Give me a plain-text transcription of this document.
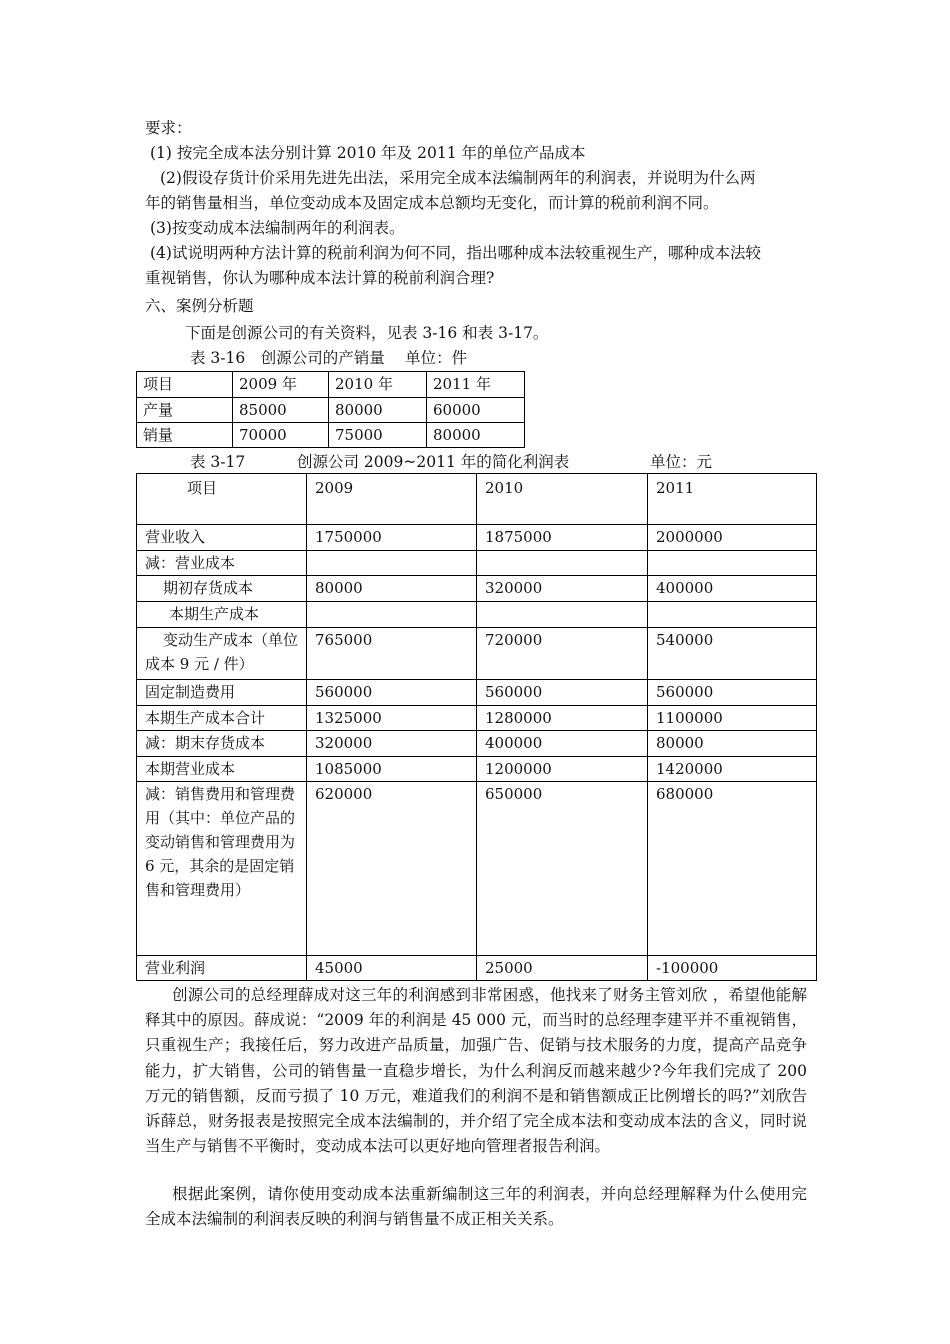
要求：
(1) 按完全成本法分别计算 2010 年及 2011 年的单位产品成本
(2)假设存货计价采用先进先出法，采用完全成本法编制两年的利润表，并说明为什么两
年的销售量相当，单位变动成本及固定成本总额均无变化，而计算的税前利润不同。
(3)按变动成本法编制两年的利润表。
(4)试说明两种方法计算的税前利润为何不同，指出哪种成本法较重视生产，哪种成本法较
重视销售，你认为哪种成本法计算的税前利润合理?
六、案例分析题
下面是创源公司的有关资料，见表 3-16 和表 3-17。
表 3-16　创源公司的产销量　 单位：件
项目	2009 年	2010 年	2011 年
产量	85000	80000	60000
销量	70000	75000	80000
表 3-17	创源公司 2009~2011 年的简化利润表	单位：元
项目	2009	2010	2011
营业收入	1750000	1875000	2000000
减：营业成本			
期初存货成本	80000	320000	400000
本期生产成本			
变动生产成本（单位成本 9 元 / 件）	765000	720000	540000
固定制造费用	560000	560000	560000
本期生产成本合计	1325000	1280000	1100000
减：期末存货成本	320000	400000	80000
本期营业成本	1085000	1200000	1420000
减：销售费用和管理费用（其中：单位产品的变动销售和管理费用为 6 元，其余的是固定销售和管理费用）	620000	650000	680000
营业利润	45000	25000	-100000
创源公司的总经理薛成对这三年的利润感到非常困惑，他找来了财务主管刘欣 ，希望他能解释其中的原因。薛成说：“2009 年的利润是 45 000 元，而当时的总经理李建平并不重视销售，只重视生产；我接任后，努力改进产品质量，加强广告、促销与技术服务的力度，提高产品竞争能力，扩大销售，公司的销售量一直稳步增长，为什么利润反而越来越少?今年我们完成了 200 万元的销售额，反而亏损了 10 万元，难道我们的利润不是和销售额成正比例增长的吗?”刘欣告诉薛总，财务报表是按照完全成本法编制的，并介绍了完全成本法和变动成本法的含义，同时说当生产与销售不平衡时，变动成本法可以更好地向管理者报告利润。
根据此案例，请你使用变动成本法重新编制这三年的利润表，并向总经理解释为什么使用完全成本法编制的利润表反映的利润与销售量不成正相关关系。
